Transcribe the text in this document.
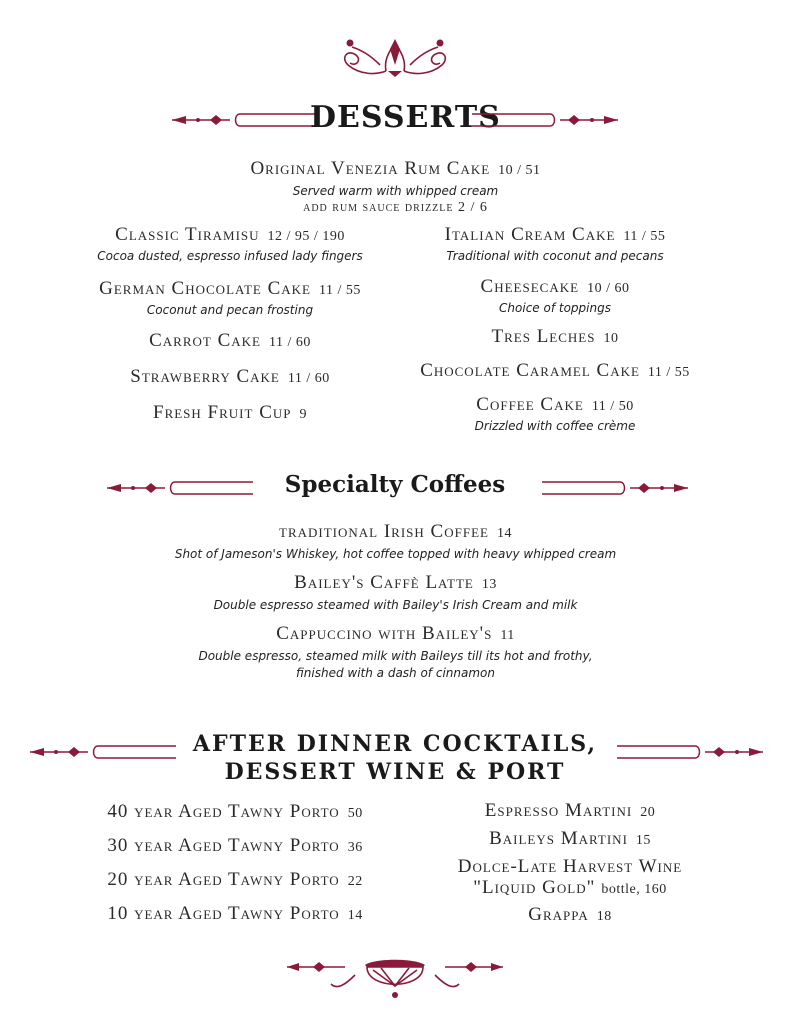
DESSERTS
Original Venezia Rum Cake 10 / 51
Served warm with whipped cream
add rum sauce drizzle 2 / 6
Classic Tiramisu 12 / 95 / 190
Cocoa dusted, espresso infused lady fingers
German Chocolate Cake 11 / 55
Coconut and pecan frosting
Carrot Cake 11 / 60
Strawberry Cake 11 / 60
Fresh Fruit Cup 9
Italian Cream Cake 11 / 55
Traditional with coconut and pecans
Cheesecake 10 / 60
Choice of toppings
Tres Leches 10
Chocolate Caramel Cake 11 / 55
Coffee Cake 11 / 50
Drizzled with coffee crème
Specialty Coffees
traditional Irish Coffee 14
Shot of Jameson's Whiskey, hot coffee topped with heavy whipped cream
Bailey's Caffè Latte 13
Double espresso steamed with Bailey's Irish Cream and milk
Cappuccino with Bailey's 11
Double espresso, steamed milk with Baileys till its hot and frothy,
finished with a dash of cinnamon
AFTER DINNER COCKTAILS,
DESSERT WINE & PORT
40 year Aged Tawny Porto 50
30 year Aged Tawny Porto 36
20 year Aged Tawny Porto 22
10 year Aged Tawny Porto 14
Espresso Martini 20
Baileys Martini 15
Dolce-Late Harvest Wine
"Liquid Gold" bottle, 160
Grappa 18
